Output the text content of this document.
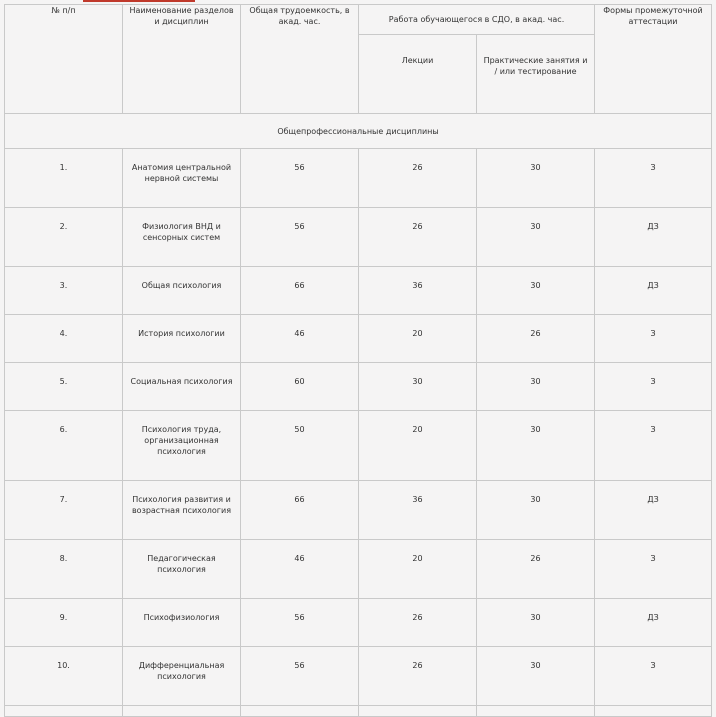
№ п/п	Наименование разделов и дисциплин	Общая трудоемкость, в акад. час.	Работа обучающегося в СДО, в акад. час.		Формы промежуточной аттестации
			Лекции	Практические занятия и / или тестирование	
Общепрофессиональные дисциплины					
1.	Анатомия центральной нервной системы	56	26	30	З
2.	Физиология ВНД и сенсорных систем	56	26	30	ДЗ
3.	Общая психология	66	36	30	ДЗ
4.	История психологии	46	20	26	З
5.	Социальная психология	60	30	30	З
6.	Психология труда, организационная психология	50	20	30	З
7.	Психология развития и возрастная психология	66	36	30	ДЗ
8.	Педагогическая психология	46	20	26	З
9.	Психофизиология	56	26	30	ДЗ
10.	Дифференциальная психология	56	26	30	З
